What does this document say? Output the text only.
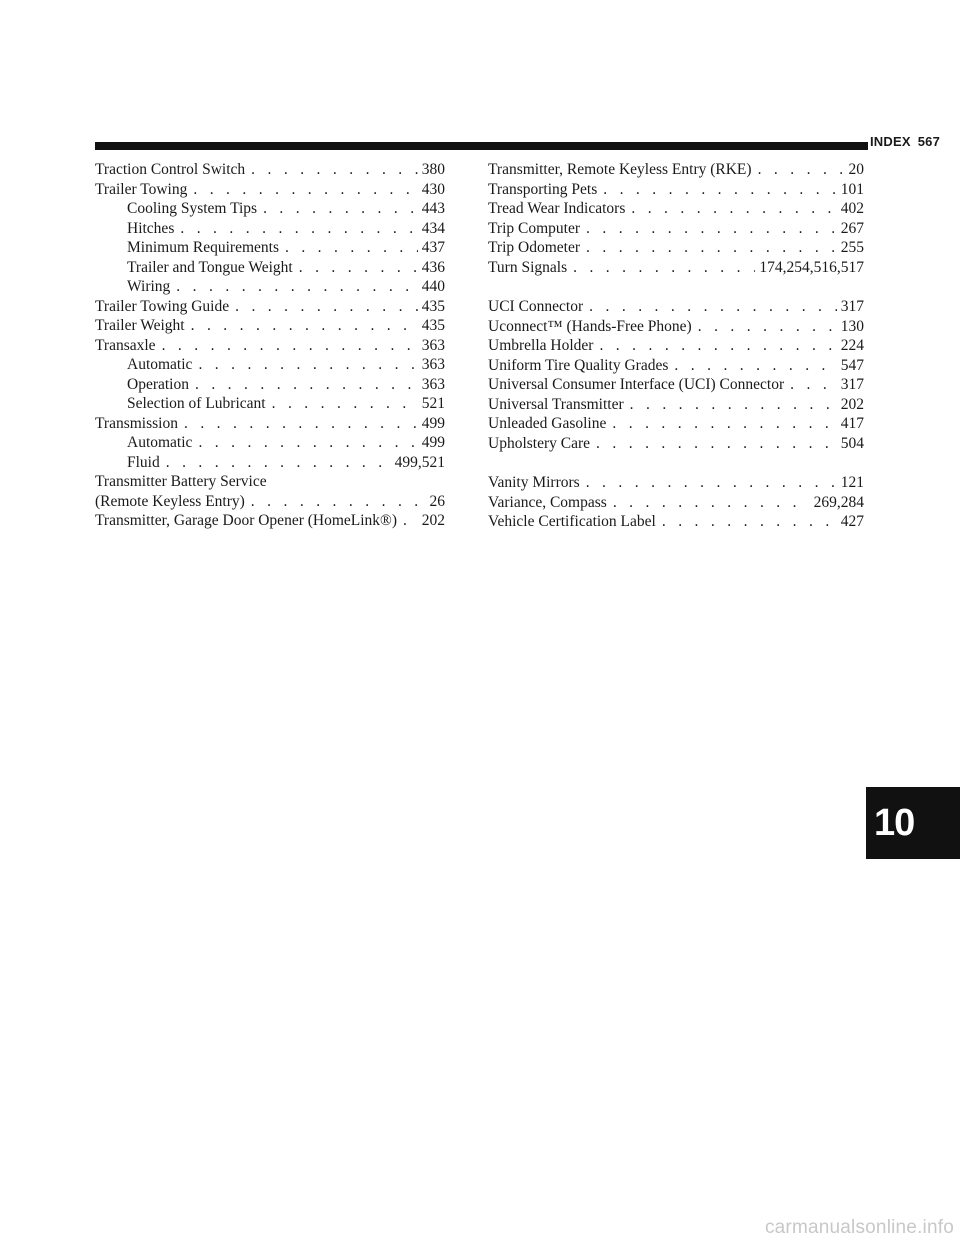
INDEX 567
Traction Control Switch . . .	380
Trailer Towing . . .	430
Cooling System Tips . . .	443
Hitches . . .	434
Minimum Requirements . . .	437
Trailer and Tongue Weight . . .	436
Wiring . . .	440
Trailer Towing Guide . . .	435
Trailer Weight . . .	435
Transaxle . . .	363
Automatic . . .	363
Operation . . .	363
Selection of Lubricant . . .	521
Transmission . . .	499
Automatic . . .	499
Fluid . . .	499,521
Transmitter Battery Service
(Remote Keyless Entry) . . .	26
Transmitter, Garage Door Opener (HomeLink®) . . . 202
Transmitter, Remote Keyless Entry (RKE) . . .	20
Transporting Pets . . .	101
Tread Wear Indicators . . .	402
Trip Computer . . .	267
Trip Odometer . . .	255
Turn Signals . . .	174,254,516,517
UCI Connector . . .	317
Uconnect™ (Hands-Free Phone) . . .	130
Umbrella Holder . . .	224
Uniform Tire Quality Grades . . .	547
Universal Consumer Interface (UCI) Connector . . .	317
Universal Transmitter . . .	202
Unleaded Gasoline . . .	417
Upholstery Care . . .	504
Vanity Mirrors . . .	121
Variance, Compass . . .	269,284
Vehicle Certification Label . . .	427
10
carmanualsonline.info
